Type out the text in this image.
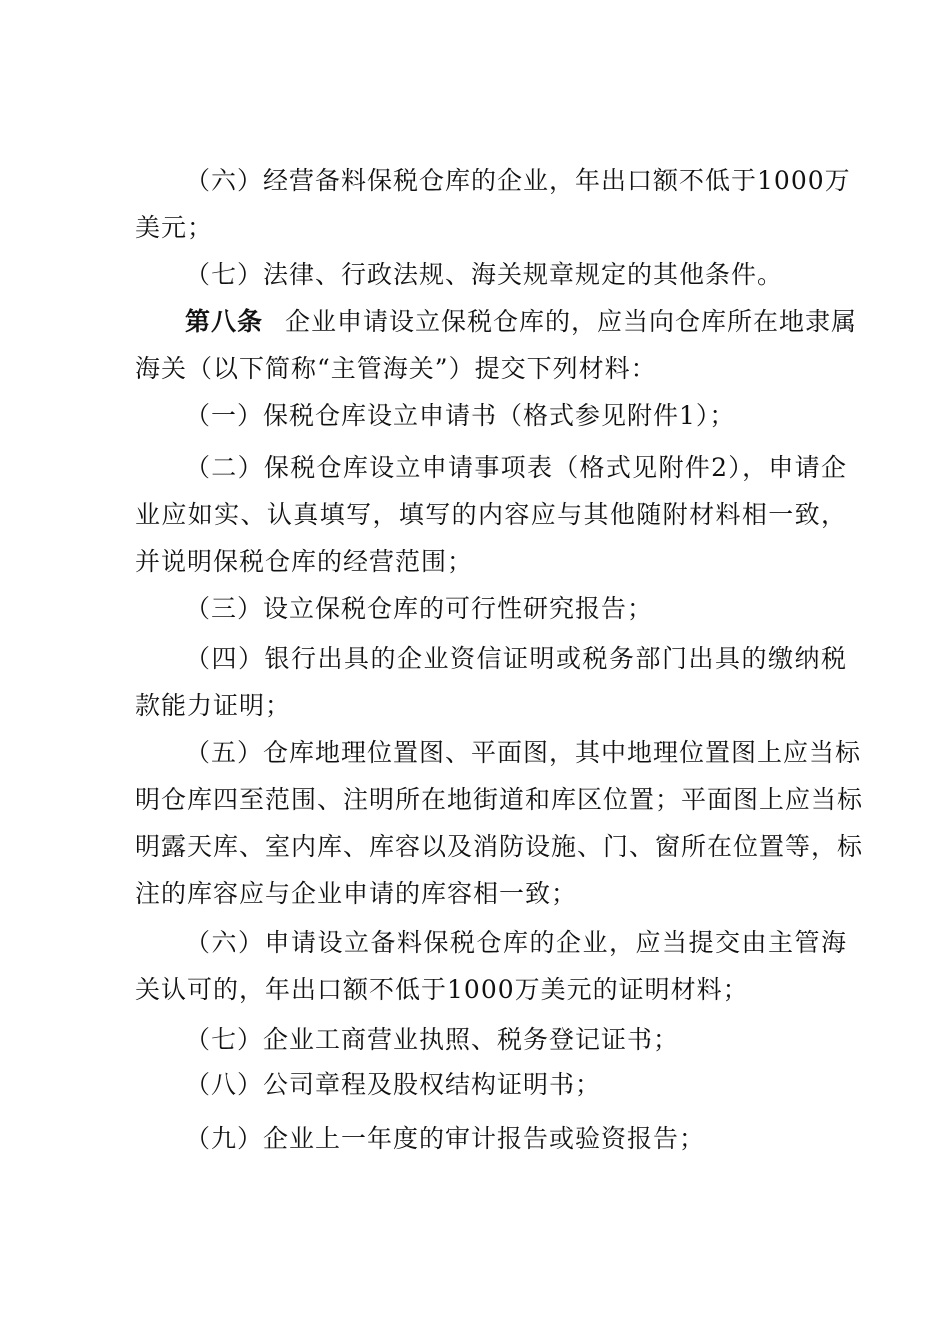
（六）经营备料保税仓库的企业，年出口额不低于1000万
美元；
（七）法律、行政法规、海关规章规定的其他条件。
第八条 企业申请设立保税仓库的，应当向仓库所在地隶属
海关（以下简称“主管海关”）提交下列材料：
（一）保税仓库设立申请书（格式参见附件1）；
（二）保税仓库设立申请事项表（格式见附件2），申请企
业应如实、认真填写，填写的内容应与其他随附材料相一致，
并说明保税仓库的经营范围；
（三）设立保税仓库的可行性研究报告；
（四）银行出具的企业资信证明或税务部门出具的缴纳税
款能力证明；
（五）仓库地理位置图、平面图，其中地理位置图上应当标
明仓库四至范围、注明所在地街道和库区位置；平面图上应当标
明露天库、室内库、库容以及消防设施、门、窗所在位置等，标
注的库容应与企业申请的库容相一致；
（六）申请设立备料保税仓库的企业，应当提交由主管海
关认可的，年出口额不低于1000万美元的证明材料；
（七）企业工商营业执照、税务登记证书；
（八）公司章程及股权结构证明书；
（九）企业上一年度的审计报告或验资报告；
